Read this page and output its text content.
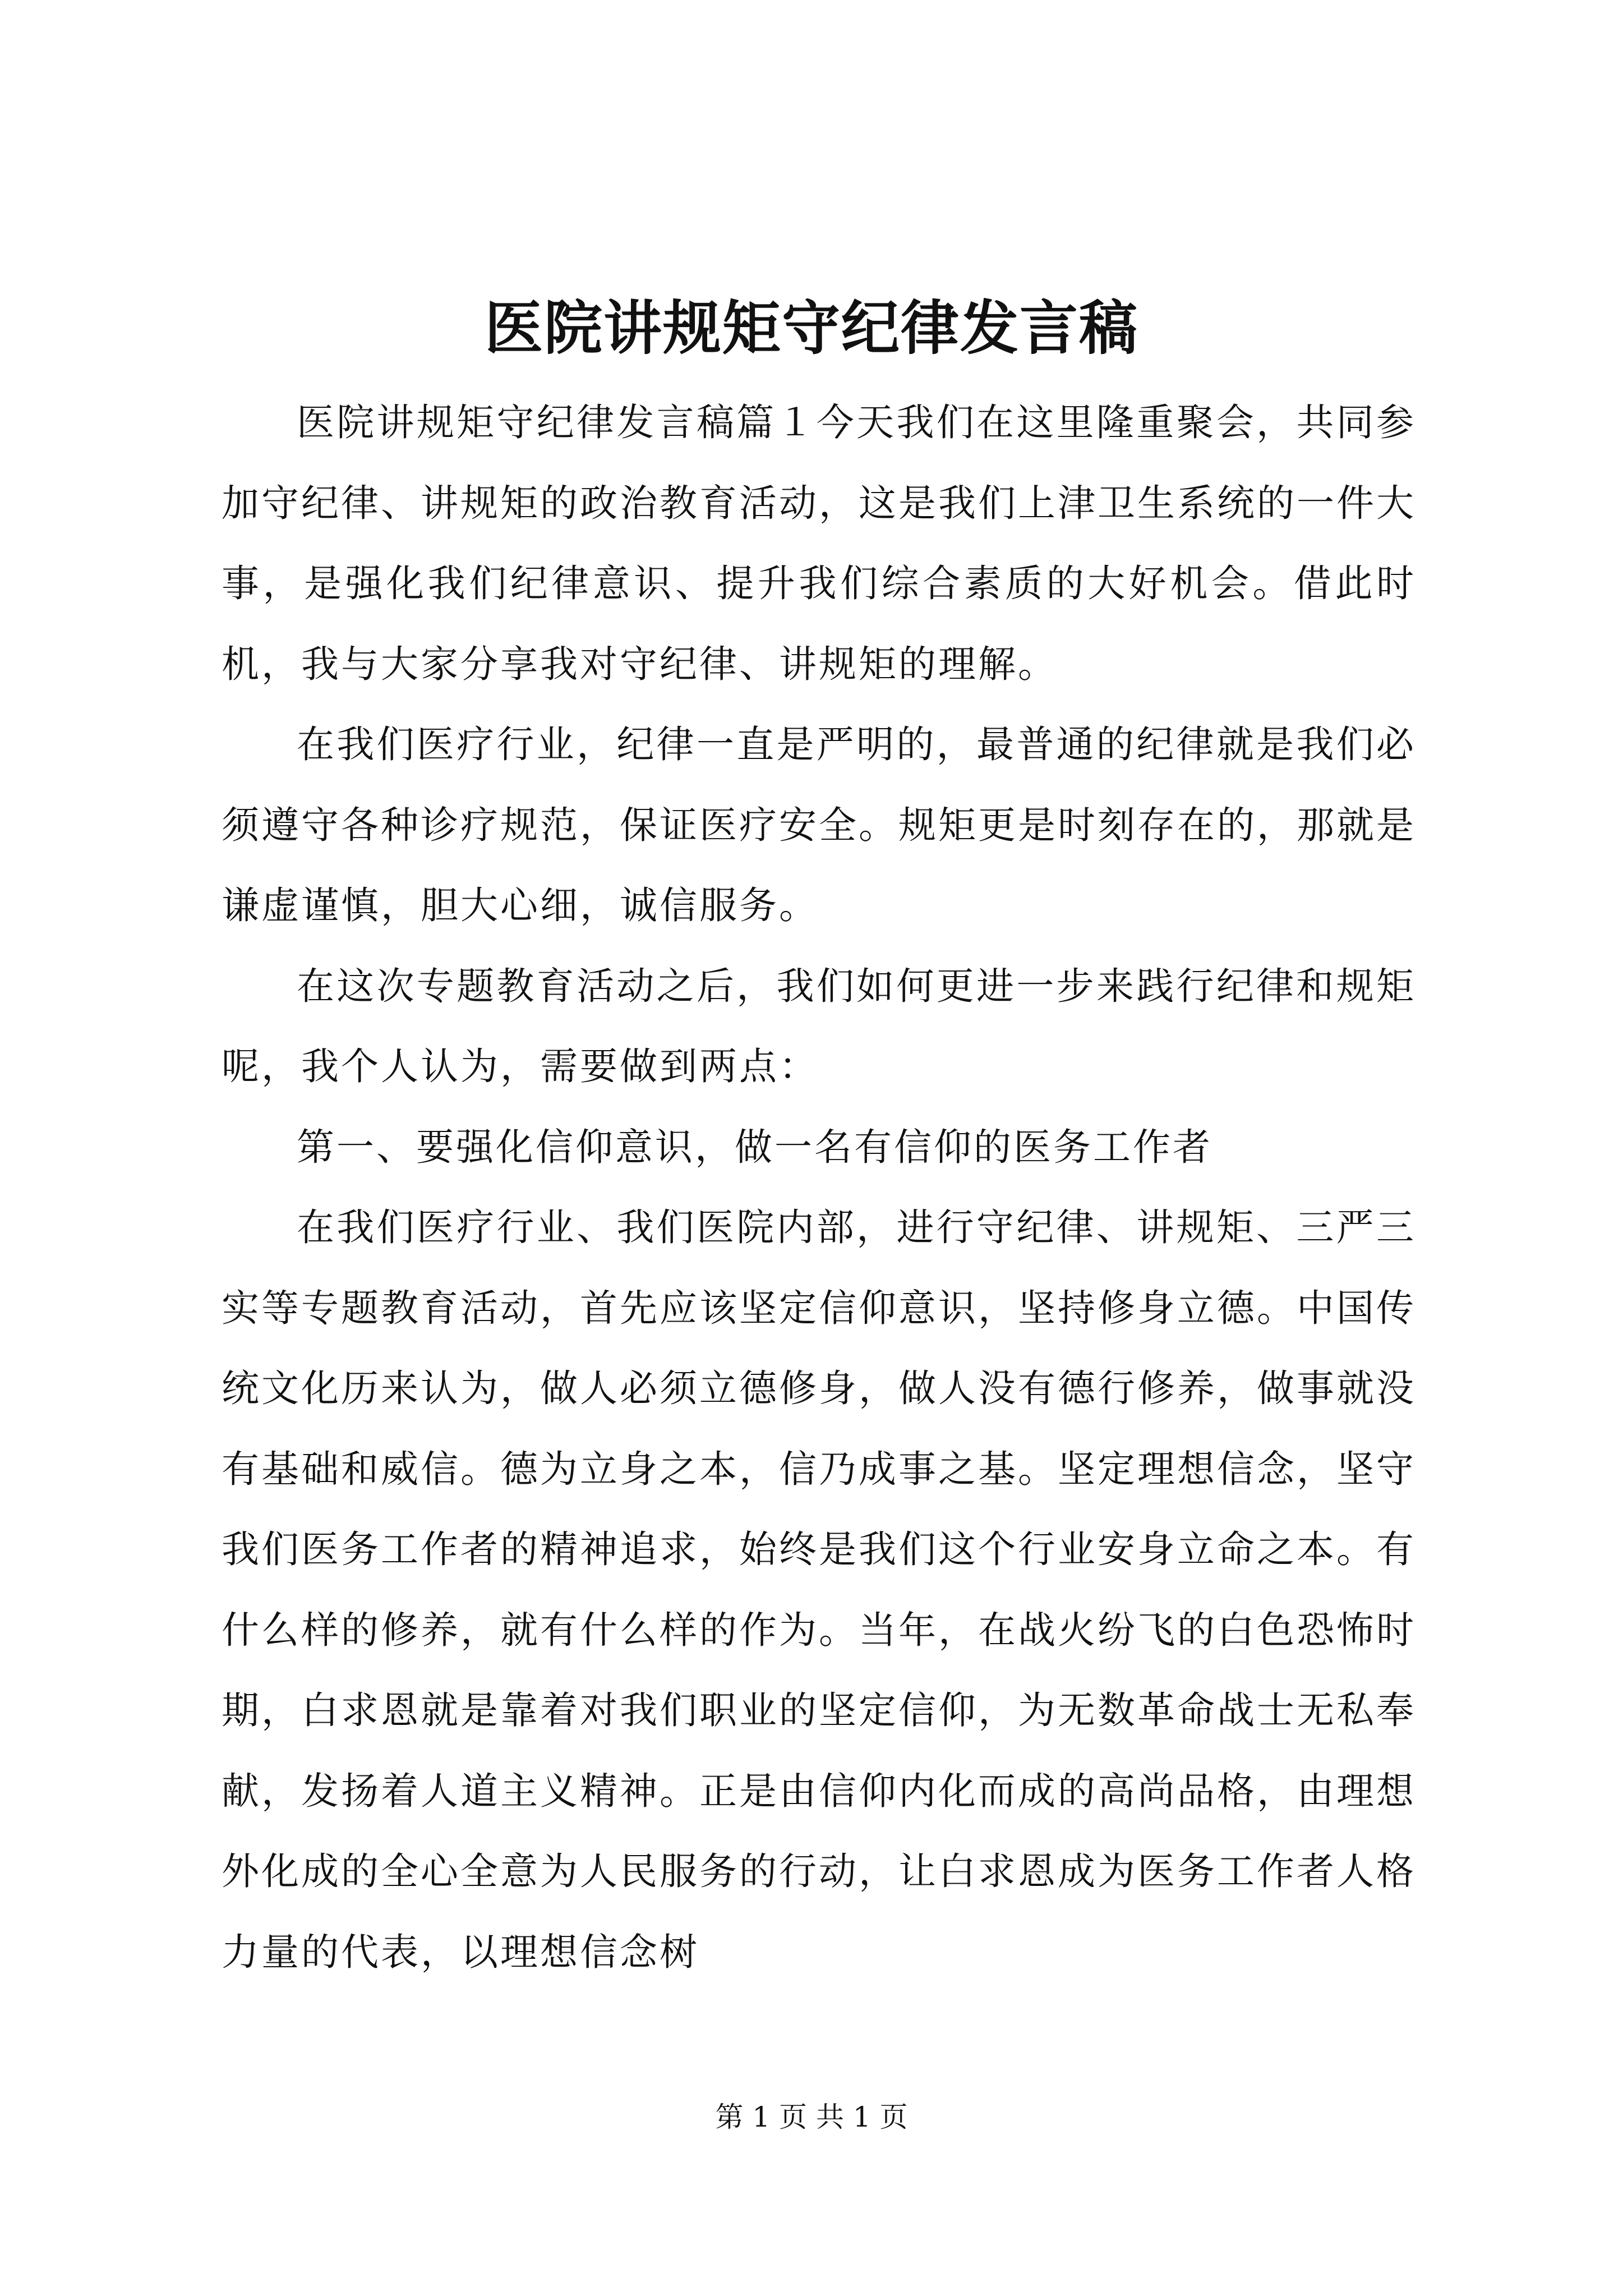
医院讲规矩守纪律发言稿

医院讲规矩守纪律发言稿篇１今天我们在这里隆重聚会，共同参加守纪律、讲规矩的政治教育活动，这是我们上津卫生系统的一件大事，是强化我们纪律意识、提升我们综合素质的大好机会。借此时机，我与大家分享我对守纪律、讲规矩的理解。

在我们医疗行业，纪律一直是严明的，最普通的纪律就是我们必须遵守各种诊疗规范，保证医疗安全。规矩更是时刻存在的，那就是谦虚谨慎，胆大心细，诚信服务。

在这次专题教育活动之后，我们如何更进一步来践行纪律和规矩呢，我个人认为，需要做到两点：

第一、要强化信仰意识，做一名有信仰的医务工作者

在我们医疗行业、我们医院内部，进行守纪律、讲规矩、三严三实等专题教育活动，首先应该坚定信仰意识，坚持修身立德。中国传统文化历来认为，做人必须立德修身，做人没有德行修养，做事就没有基础和威信。德为立身之本，信乃成事之基。坚定理想信念，坚守我们医务工作者的精神追求，始终是我们这个行业安身立命之本。有什么样的修养，就有什么样的作为。当年，在战火纷飞的白色恐怖时期，白求恩就是靠着对我们职业的坚定信仰，为无数革命战士无私奉献，发扬着人道主义精神。正是由信仰内化而成的高尚品格，由理想外化成的全心全意为人民服务的行动，让白求恩成为医务工作者人格力量的代表，以理想信念树

第 1 页 共 1 页
